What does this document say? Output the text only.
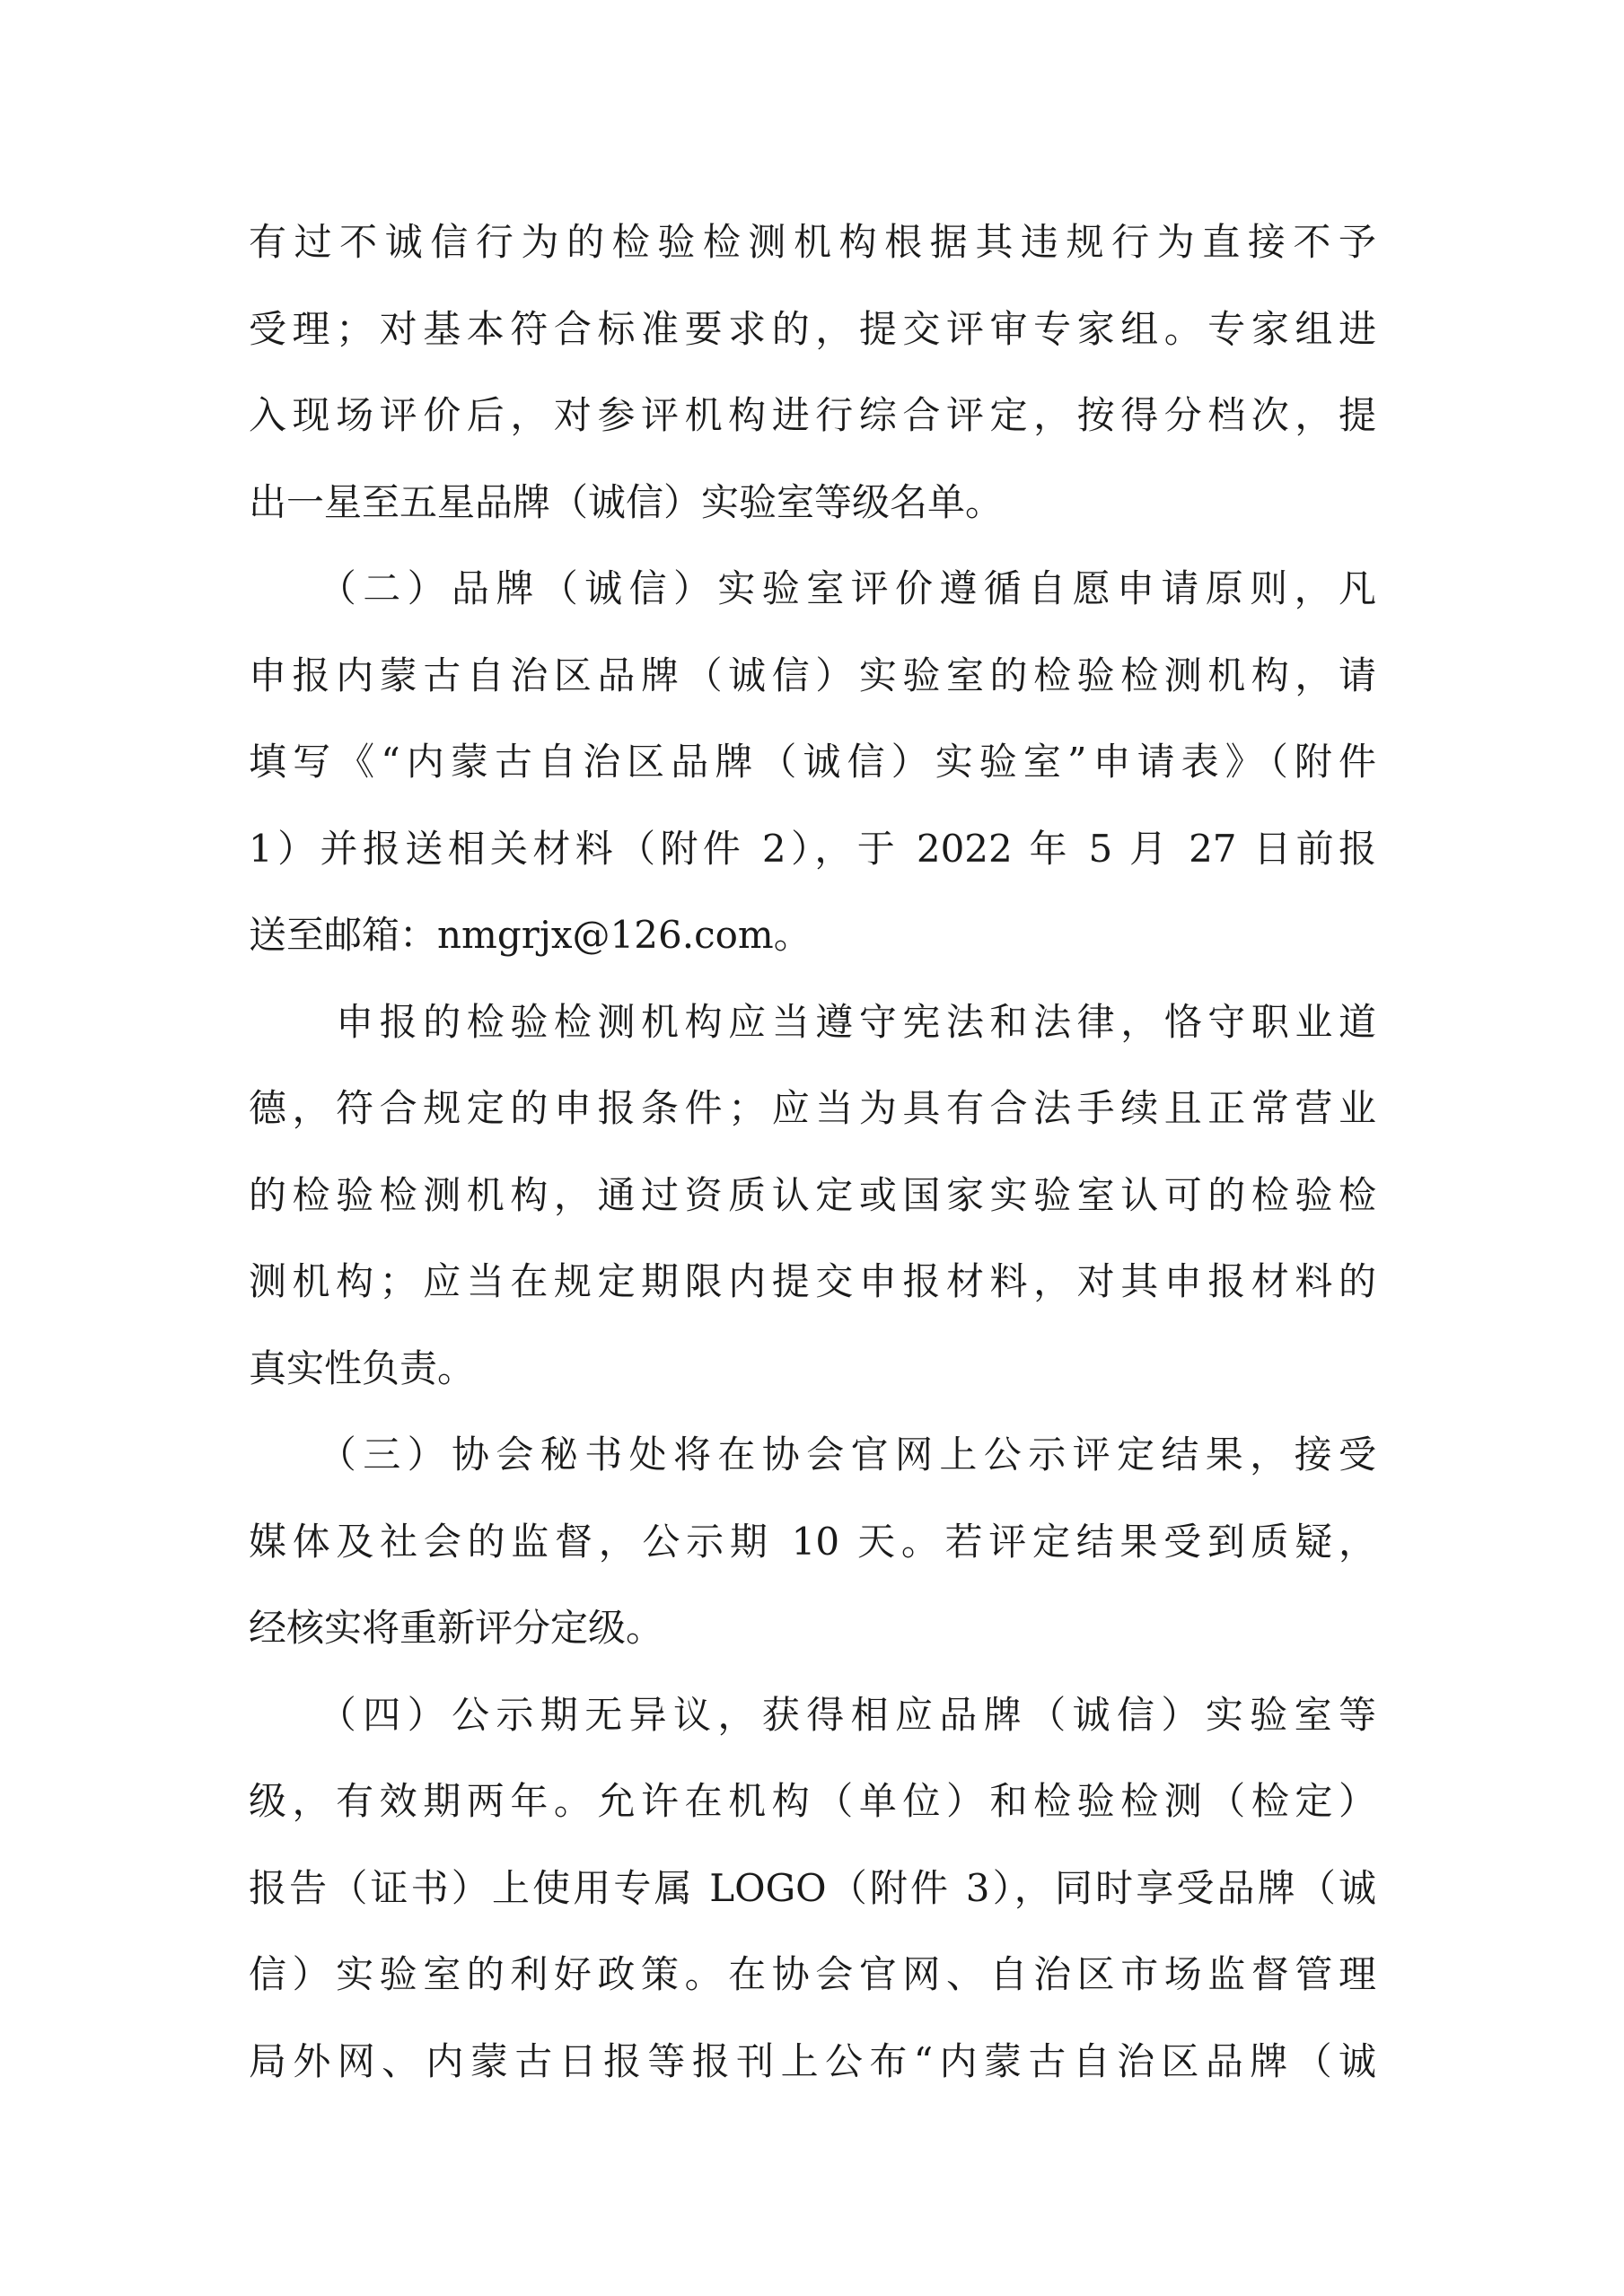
有过不诚信行为的检验检测机构根据其违规行为直接不予
受理；对基本符合标准要求的，提交评审专家组。专家组进
入现场评价后，对参评机构进行综合评定，按得分档次，提
出一星至五星品牌（诚信）实验室等级名单。
　　（二）品牌（诚信）实验室评价遵循自愿申请原则，凡
申报内蒙古自治区品牌（诚信）实验室的检验检测机构，请
填写《“内蒙古自治区品牌（诚信）实验室”申请表》（附件
1）并报送相关材料（附件 2），于 2022 年 5 月 27 日前报
送至邮箱：nmgrjx@126.com。
　　申报的检验检测机构应当遵守宪法和法律，恪守职业道
德，符合规定的申报条件；应当为具有合法手续且正常营业
的检验检测机构，通过资质认定或国家实验室认可的检验检
测机构；应当在规定期限内提交申报材料，对其申报材料的
真实性负责。
　　（三）协会秘书处将在协会官网上公示评定结果，接受
媒体及社会的监督，公示期 10 天。若评定结果受到质疑，
经核实将重新评分定级。
　　（四）公示期无异议，获得相应品牌（诚信）实验室等
级，有效期两年。允许在机构（单位）和检验检测（检定）
报告（证书）上使用专属 LOGO（附件 3），同时享受品牌（诚
信）实验室的利好政策。在协会官网、自治区市场监督管理
局外网、内蒙古日报等报刊上公布“内蒙古自治区品牌（诚
